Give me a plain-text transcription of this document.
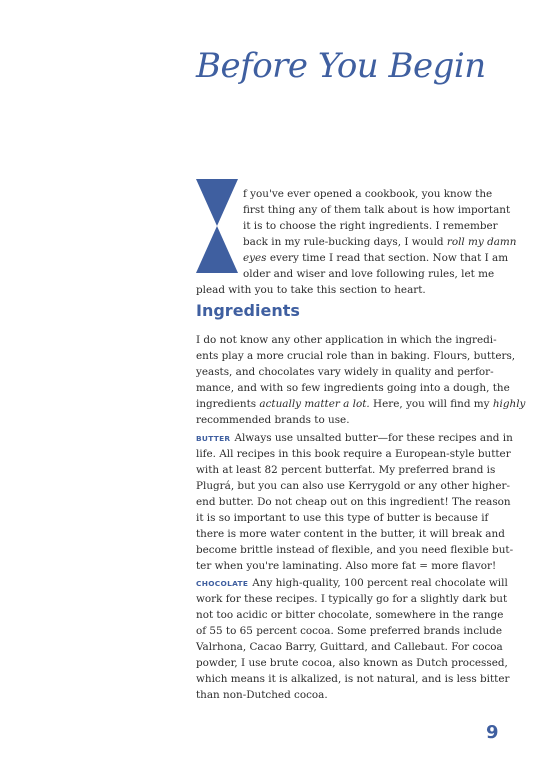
Before You Begin
f you've ever opened a cookbook, you know the
first thing any of them talk about is how important
it is to choose the right ingredients. I remember
back in my rule-bucking days, I would roll my damn
eyes every time I read that section. Now that I am
older and wiser and love following rules, let me
plead with you to take this section to heart.
Ingredients
I do not know any other application in which the ingredi-
ents play a more crucial role than in baking. Flours, butters,
yeasts, and chocolates vary widely in quality and perfor-
mance, and with so few ingredients going into a dough, the
ingredients actually matter a lot. Here, you will find my highly
recommended brands to use.
BUTTER Always use unsalted butter—for these recipes and in
life. All recipes in this book require a European-style butter
with at least 82 percent butterfat. My preferred brand is
Plugrá, but you can also use Kerrygold or any other higher-
end butter. Do not cheap out on this ingredient! The reason
it is so important to use this type of butter is because if
there is more water content in the butter, it will break and
become brittle instead of flexible, and you need flexible but-
ter when you're laminating. Also more fat = more flavor!
CHOCOLATE Any high-quality, 100 percent real chocolate will
work for these recipes. I typically go for a slightly dark but
not too acidic or bitter chocolate, somewhere in the range
of 55 to 65 percent cocoa. Some preferred brands include
Valrhona, Cacao Barry, Guittard, and Callebaut. For cocoa
powder, I use brute cocoa, also known as Dutch processed,
which means it is alkalized, is not natural, and is less bitter
than non-Dutched cocoa.
9
